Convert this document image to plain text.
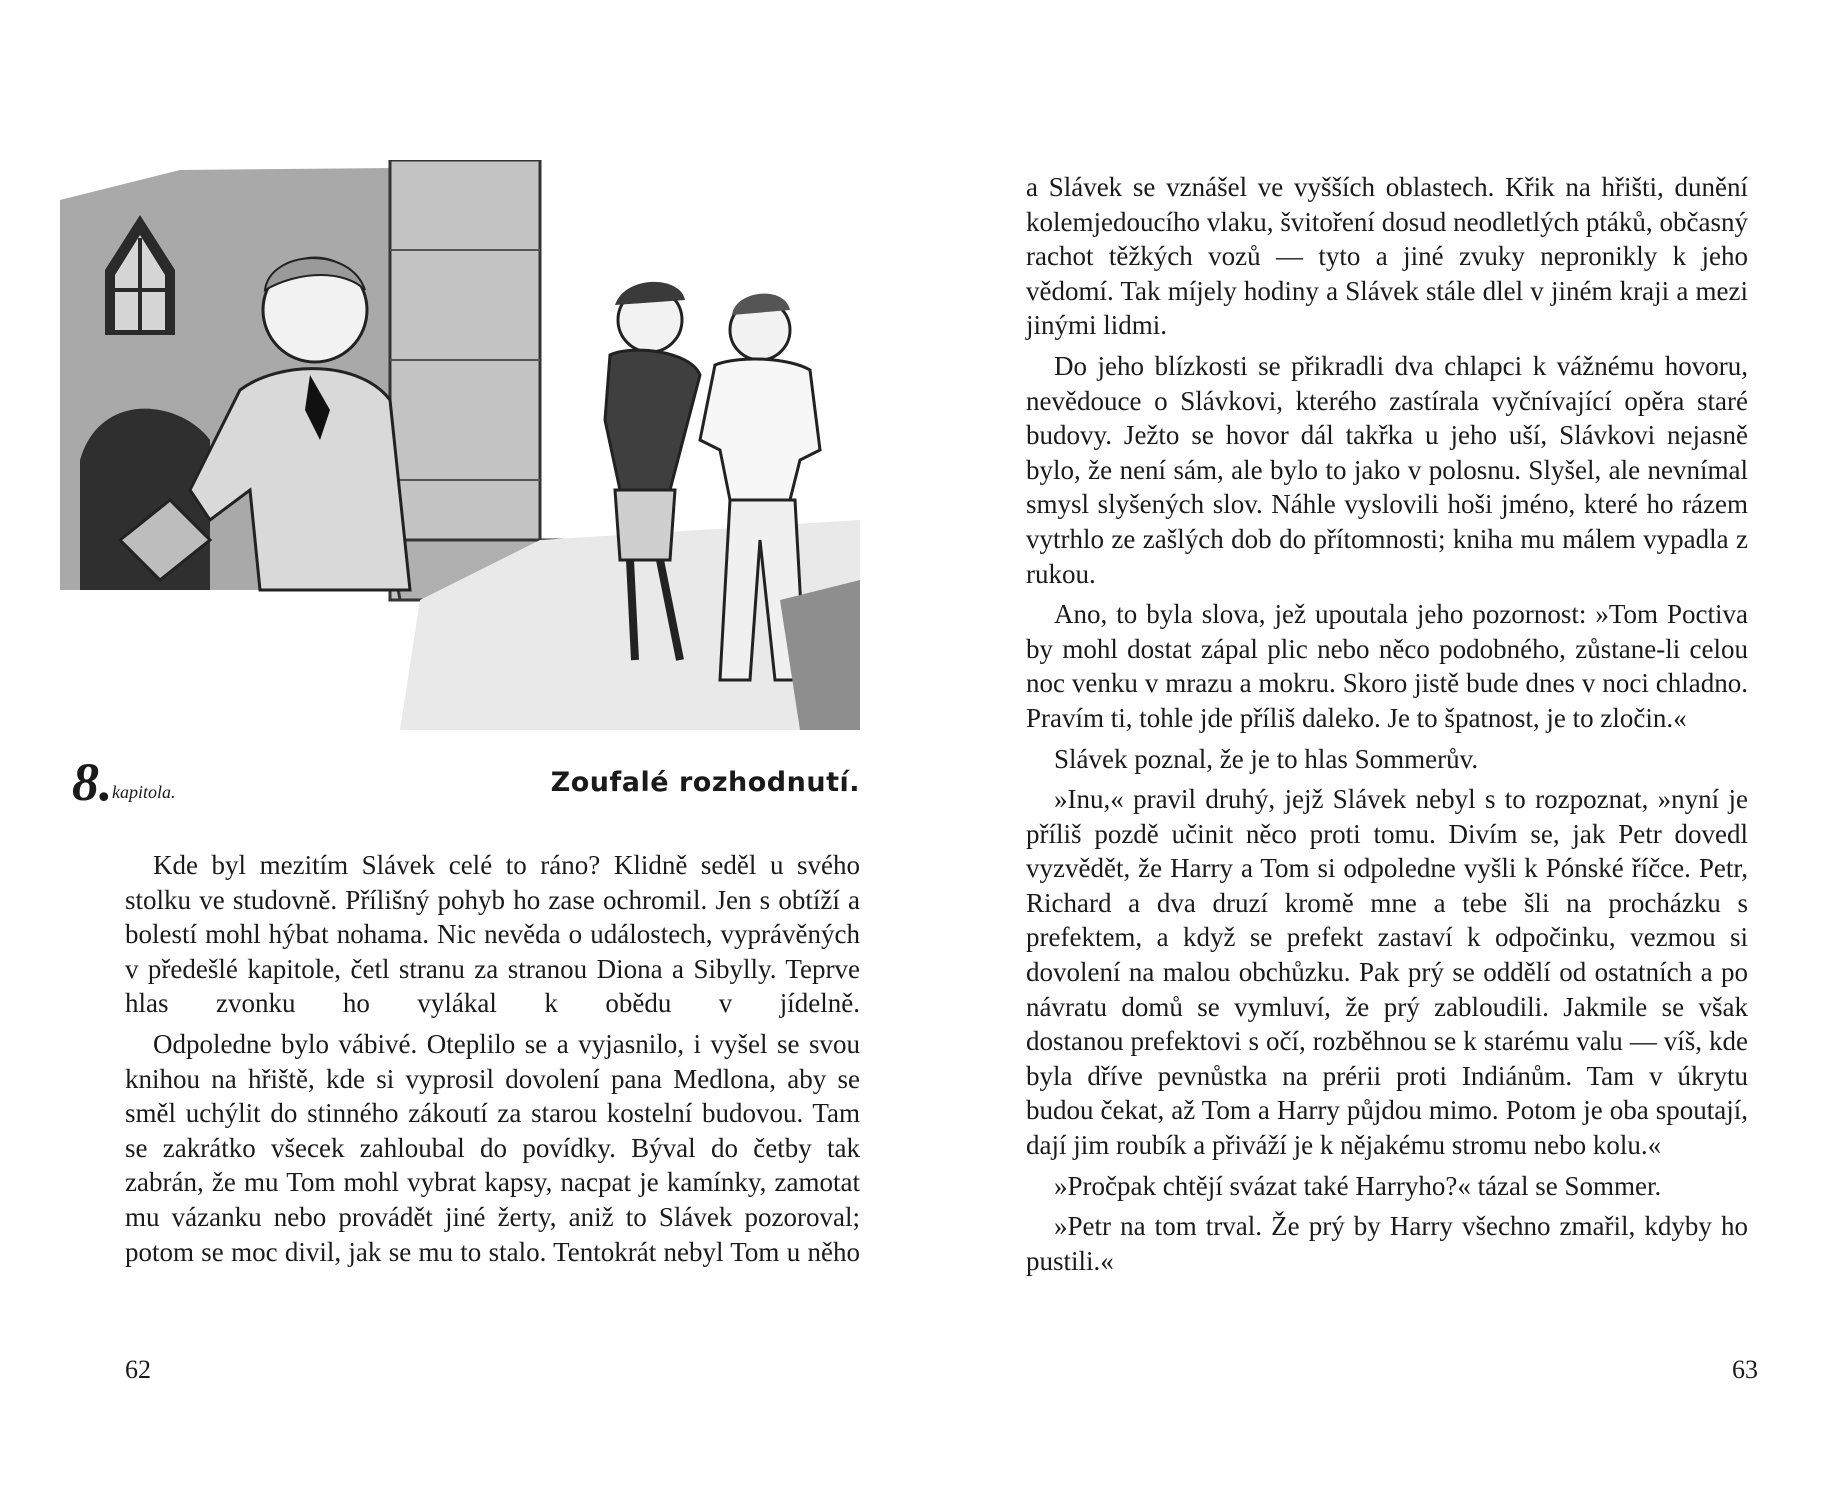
8. kapitola.	Zoufalé rozhodnutí.

Kde byl mezitím Slávek celé to ráno? Klidně seděl u svého stolku ve studovně. Přílišný pohyb ho zase ochromil. Jen s obtíží a bolestí mohl hýbat nohama. Nic nevěda o událostech, vyprávěných v předešlé kapitole, četl stranu za stranou Diona a Sibylly. Teprve hlas zvonku ho vylákal k obědu v jídelně.

Odpoledne bylo vábivé. Oteplilo se a vyjasnilo, i vyšel se svou knihou na hřiště, kde si vyprosil dovolení pana Medlona, aby se směl uchýlit do stinného zákoutí za starou kostelní budovou. Tam se zakrátko všecek zahloubal do povídky. Býval do četby tak zabrán, že mu Tom mohl vybrat kapsy, nacpat je kamínky, zamotat mu vázanku nebo provádět jiné žerty, aniž to Slávek pozoroval; potom se moc divil, jak se mu to stalo. Tentokrát nebyl Tom u něho

62

a Slávek se vznášel ve vyšších oblastech. Křik na hřišti, dunění kolemjedoucího vlaku, švitoření dosud neodletlých ptáků, občasný rachot těžkých vozů — tyto a jiné zvuky nepronikly k jeho vědomí. Tak míjely hodiny a Slávek stále dlel v jiném kraji a mezi jinými lidmi.

Do jeho blízkosti se přikradli dva chlapci k vážnému hovoru, nevědouce o Slávkovi, kterého zastírala vyčnívající opěra staré budovy. Ježto se hovor dál takřka u jeho uší, Slávkovi nejasně bylo, že není sám, ale bylo to jako v polosnu. Slyšel, ale nevnímal smysl slyšených slov. Náhle vyslovili hoši jméno, které ho rázem vytrhlo ze zašlých dob do přítomnosti; kniha mu málem vypadla z rukou.

Ano, to byla slova, jež upoutala jeho pozornost: »Tom Poctiva by mohl dostat zápal plic nebo něco podobného, zůstane-li celou noc venku v mrazu a mokru. Skoro jistě bude dnes v noci chladno. Pravím ti, tohle jde příliš daleko. Je to špatnost, je to zločin.«

Slávek poznal, že je to hlas Sommerův.

»Inu,« pravil druhý, jejž Slávek nebyl s to rozpoznat, »nyní je příliš pozdě učinit něco proti tomu. Divím se, jak Petr dovedl vyzvědět, že Harry a Tom si odpoledne vyšli k Pónské říčce. Petr, Richard a dva druzí kromě mne a tebe šli na procházku s prefektem, a když se prefekt zastaví k odpočinku, vezmou si dovolení na malou obchůzku. Pak prý se oddělí od ostatních a po návratu domů se vymluví, že prý zabloudili. Jakmile se však dostanou prefektovi s očí, rozběhnou se k starému valu — víš, kde byla dříve pevnůstka na prérii proti Indiánům. Tam v úkrytu budou čekat, až Tom a Harry půjdou mimo. Potom je oba spoutají, dají jim roubík a přiváží je k nějakému stromu nebo kolu.«

»Pročpak chtějí svázat také Harryho?« tázal se Sommer.

»Petr na tom trval. Že prý by Harry všechno zmařil, kdyby ho pustili.«

63
